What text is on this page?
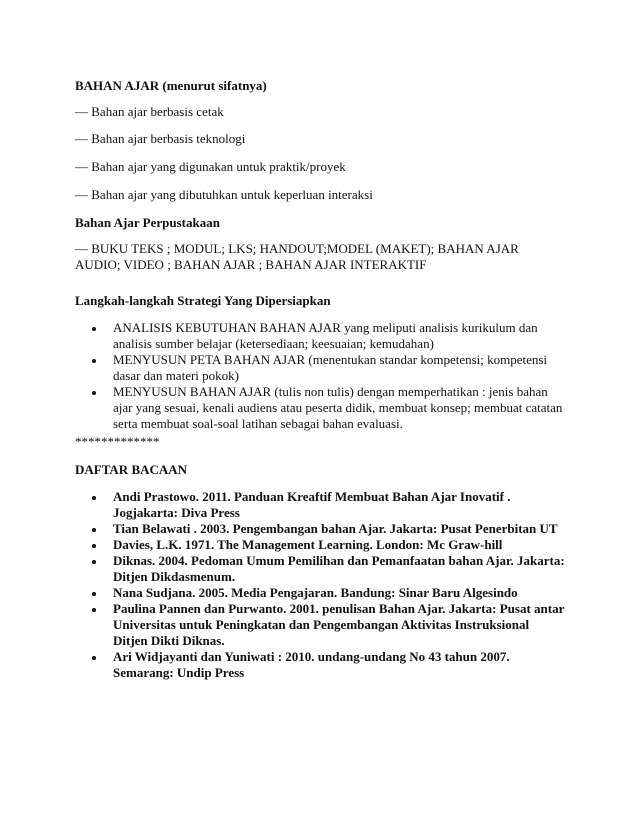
BAHAN AJAR (menurut sifatnya)
— Bahan ajar berbasis cetak
— Bahan ajar berbasis teknologi
— Bahan ajar yang digunakan untuk praktik/proyek
— Bahan ajar yang dibutuhkan untuk keperluan interaksi
Bahan Ajar Perpustakaan
— BUKU TEKS ; MODUL; LKS; HANDOUT;MODEL (MAKET); BAHAN AJAR AUDIO; VIDEO ; BAHAN AJAR ; BAHAN AJAR INTERAKTIF
Langkah-langkah Strategi Yang Dipersiapkan
ANALISIS KEBUTUHAN BAHAN AJAR yang meliputi analisis kurikulum dan analisis sumber belajar (ketersediaan; keesuaian; kemudahan)
MENYUSUN PETA BAHAN AJAR (menentukan standar kompetensi; kompetensi dasar dan materi pokok)
MENYUSUN BAHAN AJAR (tulis non tulis) dengan memperhatikan : jenis bahan ajar yang sesuai, kenali audiens atau peserta didik, membuat konsep; membuat catatan serta membuat soal-soal latihan sebagai bahan evaluasi.
*************
DAFTAR BACAAN
Andi Prastowo. 2011. Panduan Kreaftif Membuat Bahan Ajar Inovatif . Jogjakarta: Diva Press
Tian Belawati . 2003. Pengembangan bahan Ajar. Jakarta: Pusat Penerbitan UT
Davies, L.K. 1971. The Management Learning. London: Mc Graw-hill
Diknas. 2004. Pedoman Umum Pemilihan dan Pemanfaatan bahan Ajar. Jakarta: Ditjen Dikdasmenum.
Nana Sudjana. 2005. Media Pengajaran. Bandung: Sinar Baru Algesindo
Paulina Pannen dan Purwanto. 2001. penulisan Bahan Ajar. Jakarta: Pusat antar Universitas untuk Peningkatan dan Pengembangan Aktivitas Instruksional Ditjen Dikti Diknas.
Ari Widjayanti dan Yuniwati : 2010. undang-undang No 43 tahun 2007. Semarang: Undip Press
